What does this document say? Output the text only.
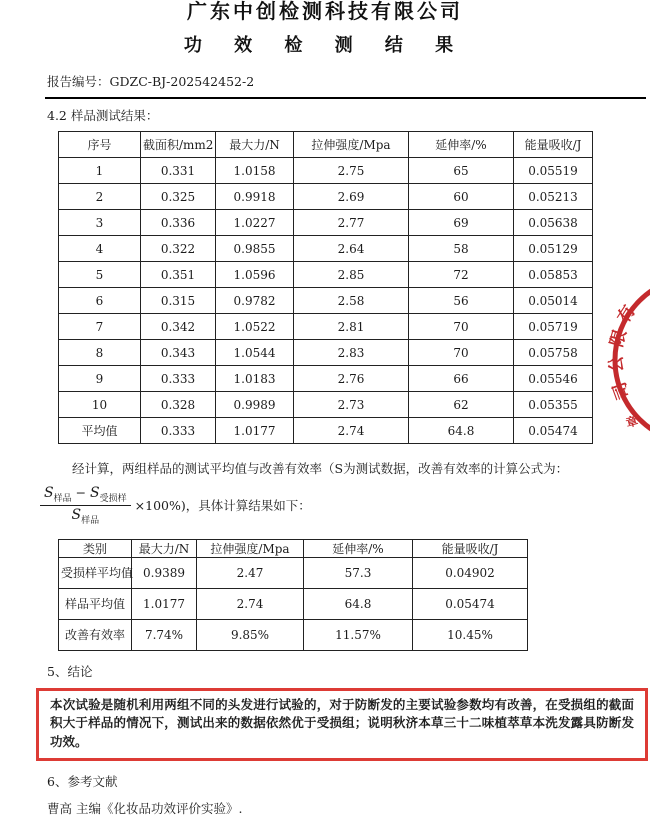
广东中创检测科技有限公司
功 效 检 测 结 果
报告编号：GDZC-BJ-202542452-2
4.2 样品测试结果：
序号	截面积/mm2	最大力/N	拉伸强度/Mpa	延伸率/%	能量吸收/J
1	0.331	1.0158	2.75	65	0.05519
2	0.325	0.9918	2.69	60	0.05213
3	0.336	1.0227	2.77	69	0.05638
4	0.322	0.9855	2.64	58	0.05129
5	0.351	1.0596	2.85	72	0.05853
6	0.315	0.9782	2.58	56	0.05014
7	0.342	1.0522	2.81	70	0.05719
8	0.343	1.0544	2.83	70	0.05758
9	0.333	1.0183	2.76	66	0.05546
10	0.328	0.9989	2.73	62	0.05355
平均值	0.333	1.0177	2.74	64.8	0.05474
经计算，两组样品的测试平均值与改善有效率（S为测试数据，改善有效率的计算公式为：
$\frac{S_{样品} - S_{受损样}}{S_{样品}} \times 100\%$)，具体计算结果如下：
类别	最大力/N	拉伸强度/Mpa	延伸率/%	能量吸收/J
受损样平均值	0.9389	2.47	57.3	0.04902
样品平均值	1.0177	2.74	64.8	0.05474
改善有效率	7.74%	9.85%	11.57%	10.45%
5、结论
本次试验是随机利用两组不同的头发进行试验的，对于防断发的主要试验参数均有改善，在受损组的截面积大于样品的情况下，测试出来的数据依然优于受损组；说明秋济本草三十二味植萃草本洗发露具防断发功效。
6、参考文献
曹高 主编《化妆品功效评价实验》.
有
限
公
司
章
